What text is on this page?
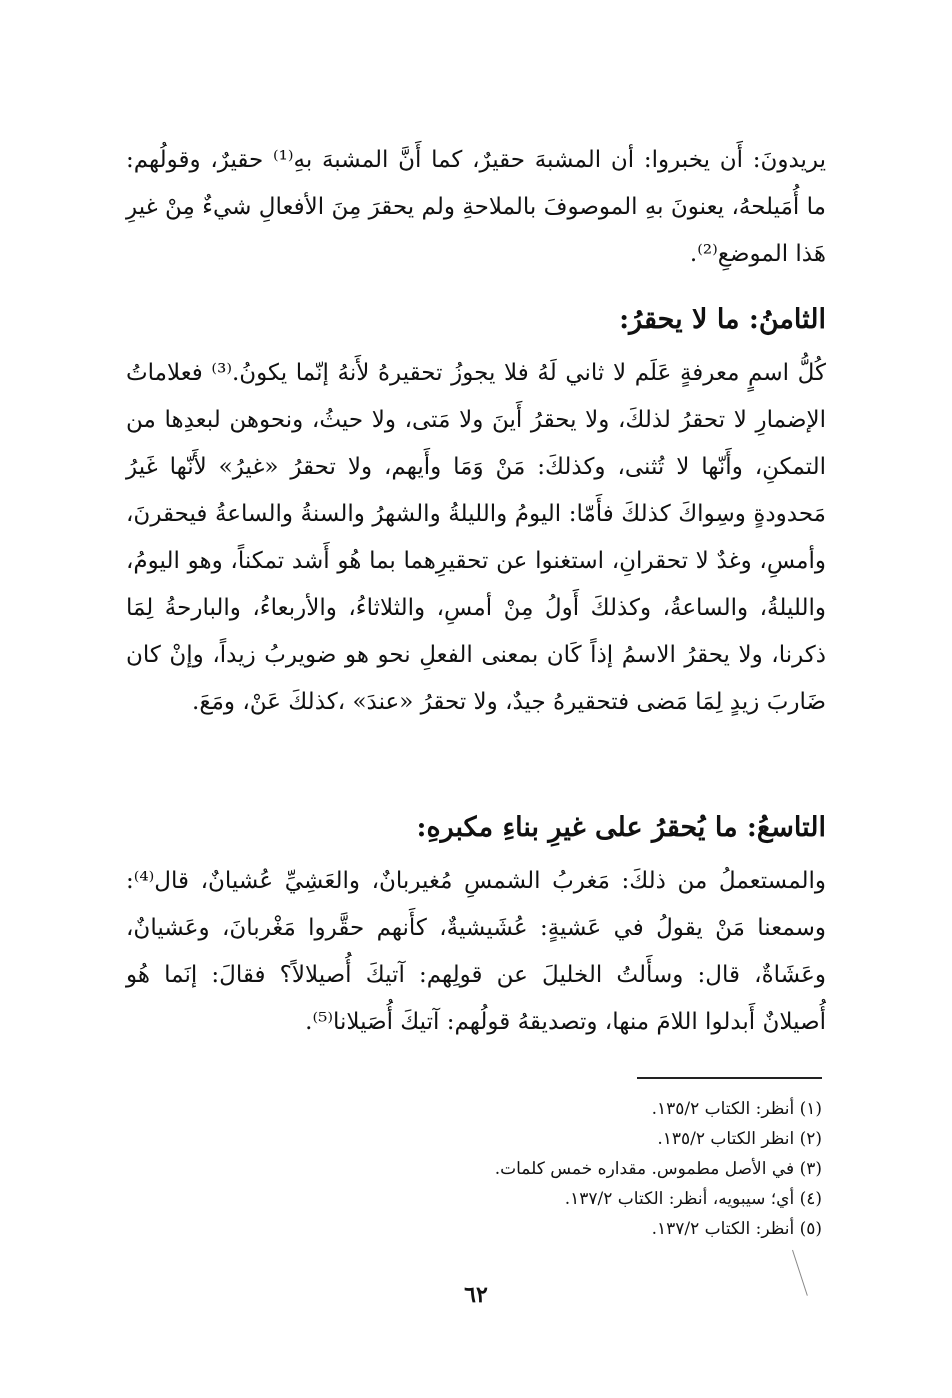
يريدونَ: أَن يخبروا: أن المشبهَ حقيرٌ، كما أَنَّ المشبهَ بهِ⁽¹⁾ حقيرٌ، وقولُهم: ما أُمَيلحهُ، يعنونَ بهِ الموصوفَ بالملاحةِ ولم يحقرَ مِنَ الأفعالِ شيءٌ مِنْ غيرِ هَذا الموضعِ⁽²⁾.

الثامنُ: ما لا يحقرُ:

كُلُّ اسمٍ معرفةٍ عَلَم لا ثاني لَهُ فلا يجوزُ تحقيرهُ لأَنهُ إنّما يكونُ.⁽³⁾ فعلاماتُ الإضمارِ لا تحقرُ لذلكَ، ولا يحقرُ أَينَ ولا مَتى، ولا حيثُ، ونحوهن لبعدِها من التمكنِ، وأَنّها لا تُثنى، وكذلكَ: مَنْ وَمَا وأَيهم، ولا تحقرُ «غيرُ» لأَنّها غَيرُ مَحدودةٍ وسِواكَ كذلكَ فأَمّا: اليومُ والليلةُ والشهرُ والسنةُ والساعةُ فيحقرنَ، وأمسِ، وغدٌ لا تحقرانِ، استغنوا عن تحقيرِهما بما هُو أَشد تمكناً، وهو اليومُ، والليلةُ، والساعةُ، وكذلكَ أَولُ مِنْ أمسِ، والثلاثاءُ، والأربعاءُ، والبارحةُ لِمَا ذكرنا، ولا يحقرُ الاسمُ إذاً كَان بمعنى الفعلِ نحو هو ضويربُ زيداً، وإنْ كان ضَاربَ زيدٍ لِمَا مَضى فتحقيرهُ جيدٌ، ولا تحقرُ «عندَ» ،كذلكَ عَنْ، ومَعَ.

التاسعُ: ما يُحقرُ على غيرِ بناءِ مكبرهِ:

والمستعملُ من ذلكَ: مَغربُ الشمسِ مُغيربانٌ، والعَشِيِّ عُشيانٌ، قال⁽⁴⁾: وسمعنا مَنْ يقولُ في عَشيةٍ: عُشَيشيةٌ، كأَنهم حقَّروا مَغْربانَ، وعَشيانٌ، وعَشَاةٌ، قال: وسأَلتُ الخليلَ عن قولِهم: آتيكَ أُصيلالاً؟ فقالَ: إنَما هُو أُصيلانٌ أَبدلوا اللامَ منها، وتصديقهُ قولُهم: آتيكَ أُصَيلانا⁽⁵⁾.

(١) أنظر: الكتاب ١٣٥/٢.

(٢) انظر الكتاب ١٣٥/٢.

(٣) في الأصل مطموس. مقداره خمس كلمات.

(٤) أي؛ سيبويه، أنظر: الكتاب ١٣٧/٢.

(٥) أنظر: الكتاب ١٣٧/٢.

٦٢
